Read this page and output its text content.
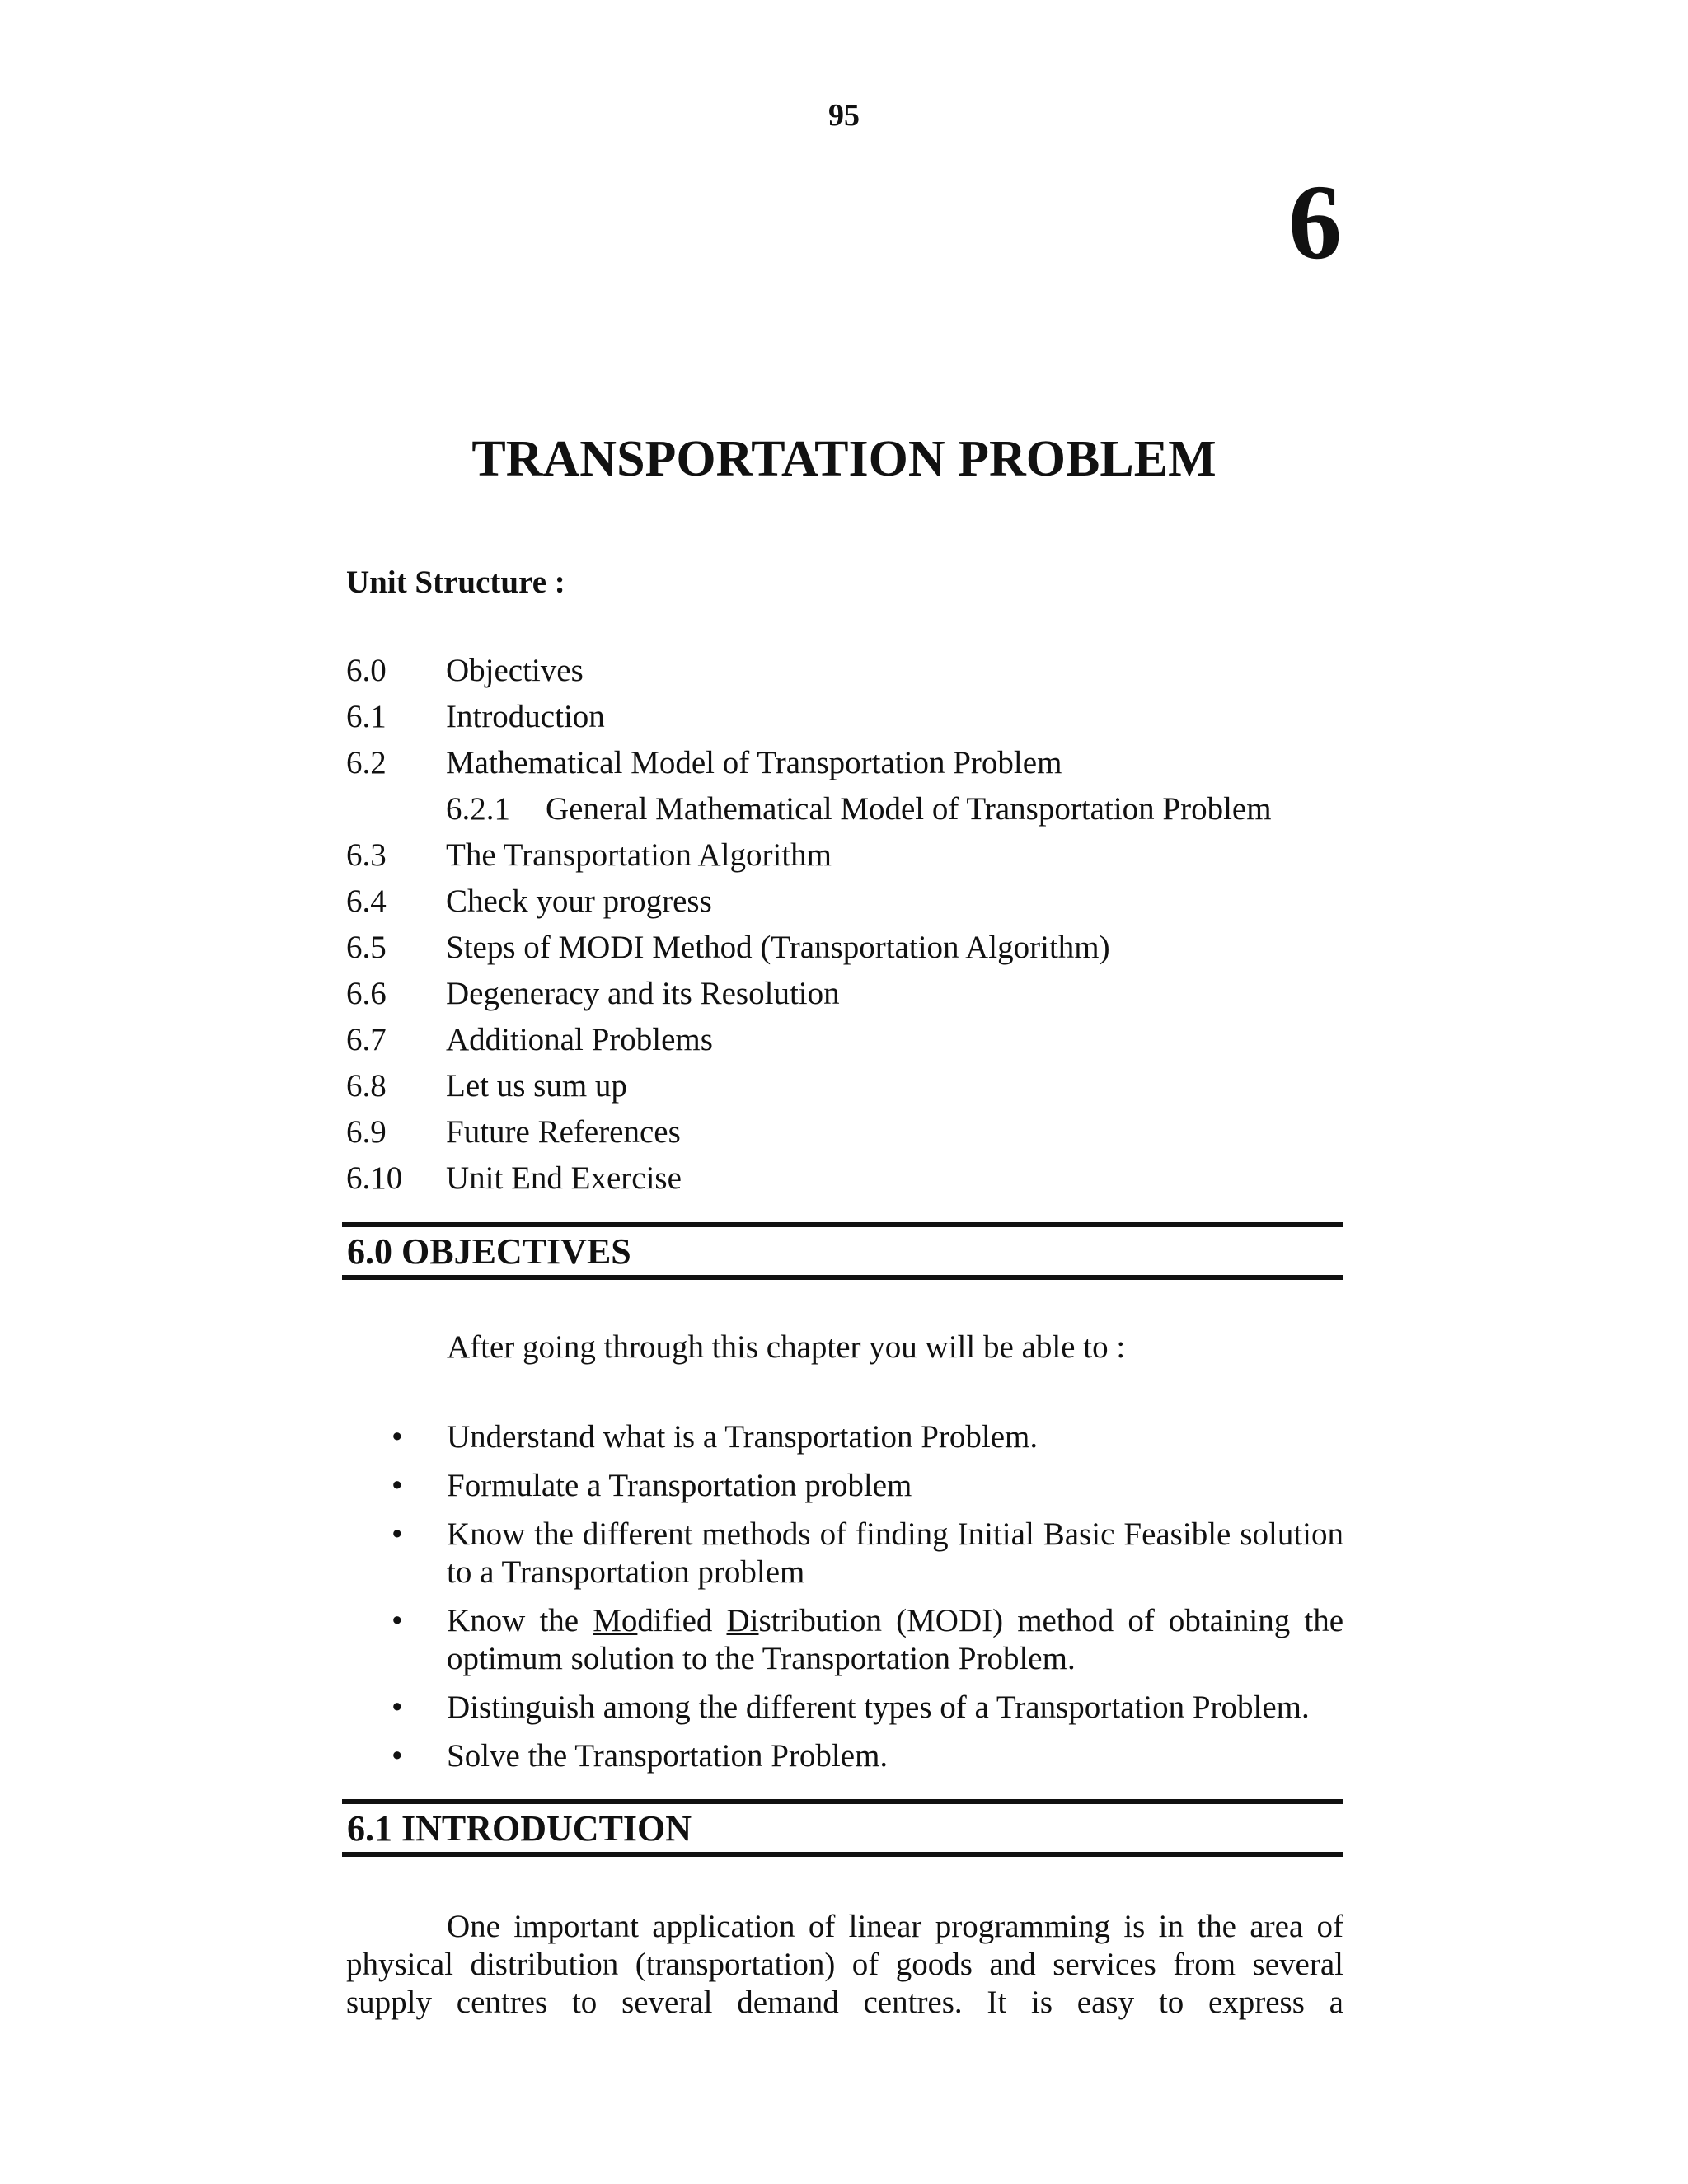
95
6
TRANSPORTATION PROBLEM
Unit Structure :
6.0 Objectives
6.1 Introduction
6.2 Mathematical Model of Transportation Problem
6.2.1 General Mathematical Model of Transportation Problem
6.3 The Transportation Algorithm
6.4 Check your progress
6.5 Steps of MODI Method (Transportation Algorithm)
6.6 Degeneracy and its Resolution
6.7 Additional Problems
6.8 Let us sum up
6.9 Future References
6.10 Unit End Exercise
6.0 OBJECTIVES
After going through this chapter you will be able to :
• Understand what is a Transportation Problem.
• Formulate a Transportation problem
• Know the different methods of finding Initial Basic Feasible solution to a Transportation problem
• Know the Modified Distribution (MODI) method of obtaining the optimum solution to the Transportation Problem.
• Distinguish among the different types of a Transportation Problem.
• Solve the Transportation Problem.
6.1 INTRODUCTION
One important application of linear programming is in the area of
physical distribution (transportation) of goods and services from several
supply centres to several demand centres. It is easy to express a
